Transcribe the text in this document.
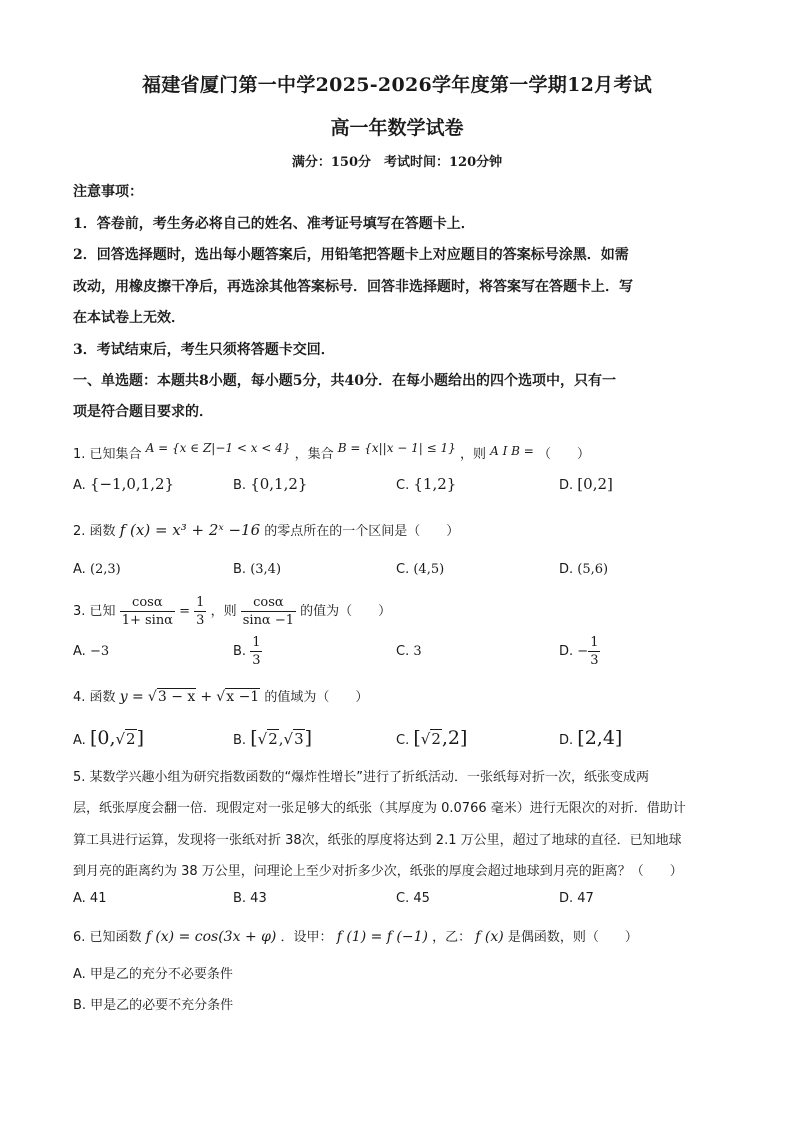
福建省厦门第一中学2025-2026学年度第一学期12月考试
高一年数学试卷
满分：150分　考试时间：120分钟
注意事项：
1．答卷前，考生务必将自己的姓名、准考证号填写在答题卡上．
2．回答选择题时，选出每小题答案后，用铅笔把答题卡上对应题目的答案标号涂黑．如需
改动，用橡皮擦干净后，再选涂其他答案标号．回答非选择题时，将答案写在答题卡上．写
在本试卷上无效．
3．考试结束后，考生只须将答题卡交回．
一、单选题：本题共8小题，每小题5分，共40分．在每小题给出的四个选项中，只有一
项是符合题目要求的．
1. 已知集合 A = {x ∈ Z|−1 < x < 4} ，集合 B = {x||x − 1| ≤ 1} ，则 A I B = （　　）
A. {−1,0,1,2}	B. {0,1,2}	C. {1,2}	D. [0,2]
2. 函数 f (x) = x³ + 2ˣ −16 的零点所在的一个区间是（　　）
A. (2,3)	B. (3,4)	C. (4,5)	D. (5,6)
3. 已知 $\frac{\cos\alpha}{1+ \sin\alpha} = \frac{1}{3}$ ，则 $\frac{\cos\alpha}{\sin\alpha -1}$ 的值为（　　）
A. −3	B. $\frac{1}{3}$	C. 3	D. − $\frac{1}{3}$
4. 函数 y = √3 − x + √x −1 的值域为（　　）
A. [0,√2]	B. [√2,√3]	C. [√2,2]	D. [2,4]
5. 某数学兴趣小组为研究指数函数的“爆炸性增长”进行了折纸活动．一张纸每对折一次，纸张变成两
层，纸张厚度会翻一倍．现假定对一张足够大的纸张（其厚度为 0.0766 毫米）进行无限次的对折．借助计
算工具进行运算，发现将一张纸对折 38次，纸张的厚度将达到 2.1 万公里，超过了地球的直径．已知地球
到月亮的距离约为 38 万公里，问理论上至少对折多少次，纸张的厚度会超过地球到月亮的距离？（　　）
A. 41	B. 43	C. 45	D. 47
6. 已知函数 f (x) = cos(3x + φ) ．设甲： f (1) = f (−1) ，乙： f (x) 是偶函数，则（　　）
A. 甲是乙的充分不必要条件
B. 甲是乙的必要不充分条件
